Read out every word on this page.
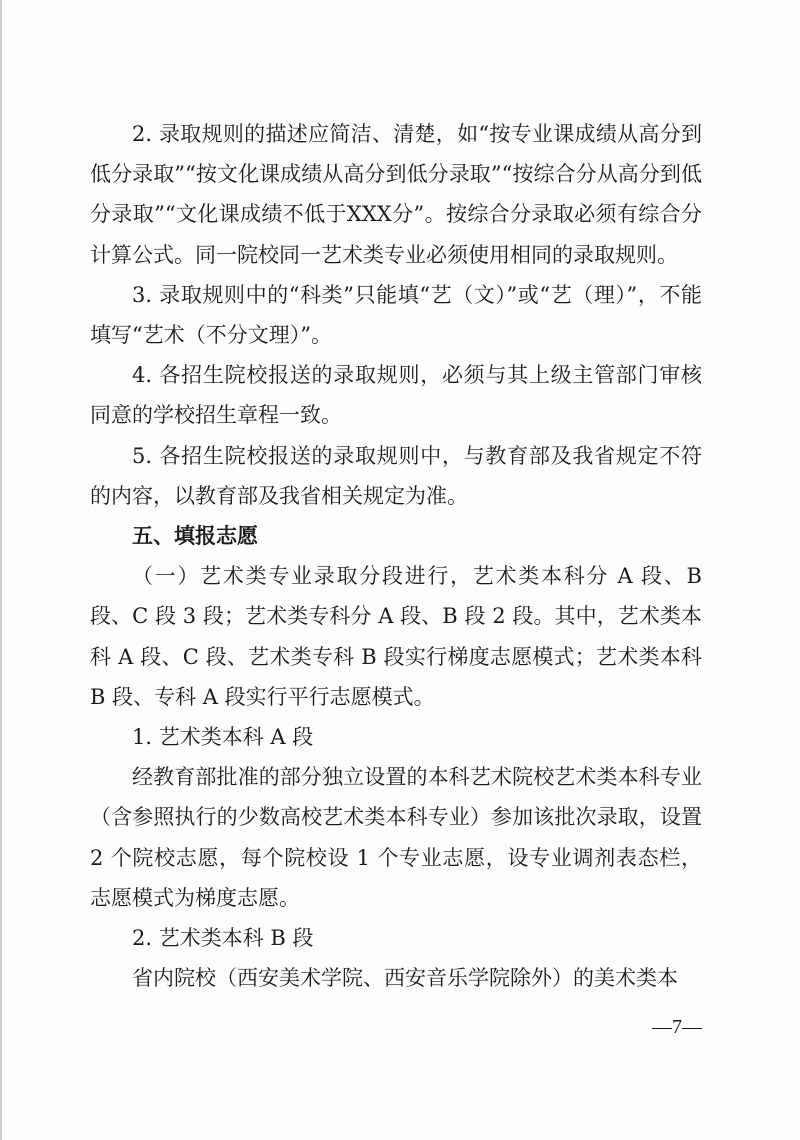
2. 录取规则的描述应简洁、清楚，如“按专业课成绩从高分到低分录取”“按文化课成绩从高分到低分录取”“按综合分从高分到低分录取”“文化课成绩不低于XXX分”。按综合分录取必须有综合分计算公式。同一院校同一艺术类专业必须使用相同的录取规则。

3. 录取规则中的“科类”只能填“艺（文）”或“艺（理）”，不能填写“艺术（不分文理）”。

4. 各招生院校报送的录取规则，必须与其上级主管部门审核同意的学校招生章程一致。

5. 各招生院校报送的录取规则中，与教育部及我省规定不符的内容，以教育部及我省相关规定为准。

五、填报志愿

（一）艺术类专业录取分段进行，艺术类本科分 A 段、B 段、C 段 3 段；艺术类专科分 A 段、B 段 2 段。其中，艺术类本科 A 段、C 段、艺术类专科 B 段实行梯度志愿模式；艺术类本科 B 段、专科 A 段实行平行志愿模式。

1. 艺术类本科 A 段

经教育部批准的部分独立设置的本科艺术院校艺术类本科专业（含参照执行的少数高校艺术类本科专业）参加该批次录取，设置 2 个院校志愿，每个院校设 1 个专业志愿，设专业调剂表态栏，志愿模式为梯度志愿。

2. 艺术类本科 B 段

省内院校（西安美术学院、西安音乐学院除外）的美术类本

—7—
